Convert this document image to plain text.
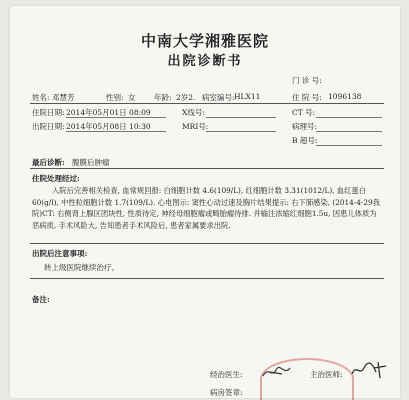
中南大学湘雅医院
出院诊断书
门 诊 号:
姓名: 邓慧芳	性别: 女 年龄: 2岁2. 病室编号: HLX11	住 院 号: 1096138
住院日期: 2014年05月01日 08:09	X线号:	CT 号:
出院日期: 2014年05月08日 10:30	MRI号:	病理号:
B 超号:
最后诊断: 腹膜后肿瘤
住院处理经过:
入院后完善相关检查, 血常规回报: 白细胞计数 4.6(109/L), 红细胞计数 3.31(1012/L), 血红蛋白 60(g/l), 中性粒细胞计数 1.7(109/L). 心电图示: 窦性心动过速及胸片结果提示: 右下肺感染, (2014-4-29我院)CT: 右侧肾上腺区团块性, 性质待定, 神经母细胞瘤或畸胎瘤待排. 并输注浓缩红细胞1.5u, 因患儿体质为恶病质, 手术风险大, 告知患者手术风险后, 患者家属要求出院.
出院后注意事项:
转上级医院继续治疗。
备注:
经治医生:	主治医师:
病房签章:
